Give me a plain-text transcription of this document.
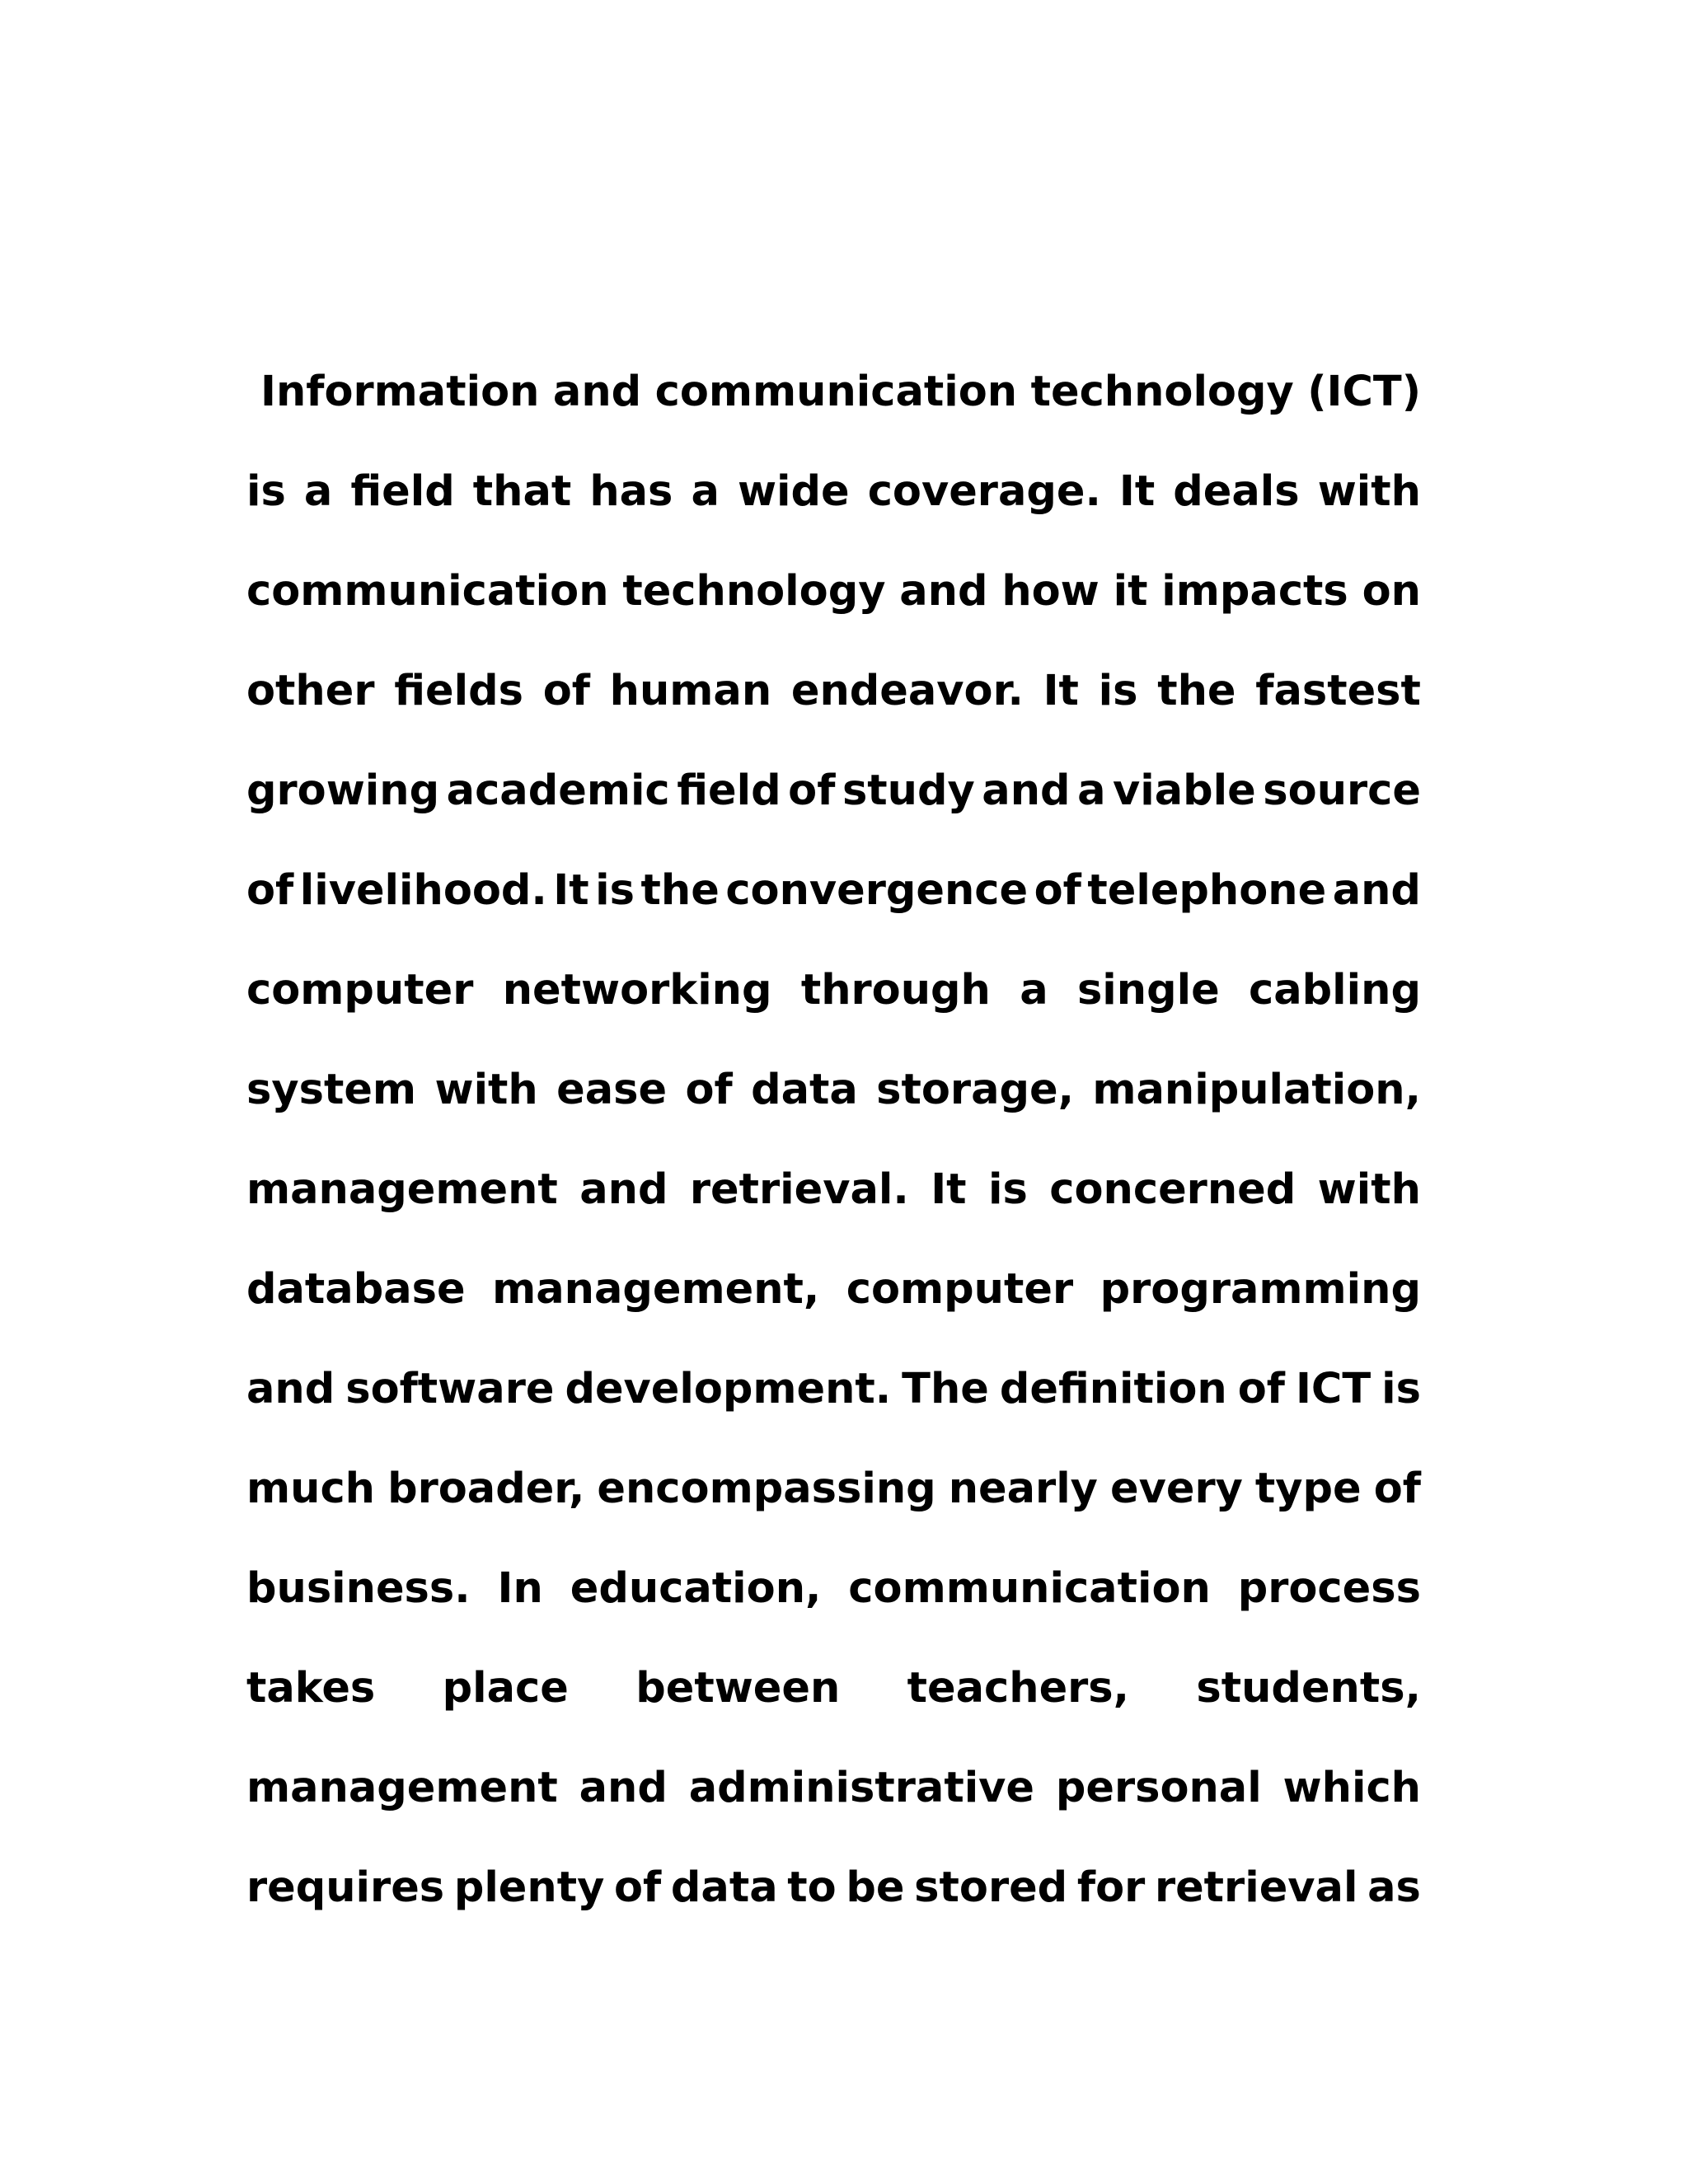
Information and communication technology (ICT)
is a field that has a wide coverage. It deals with
communication technology and how it impacts on
other fields of human endeavor. It is the fastest
growing academic field of study and a viable source
of livelihood. It is the convergence of telephone and
computer networking through a single cabling
system with ease of data storage, manipulation,
management and retrieval. It is concerned with
database management, computer programming
and software development. The definition of ICT is
much broader, encompassing nearly every type of
business. In education, communication process
takes place between teachers, students,
management and administrative personal which
requires plenty of data to be stored for retrieval as
